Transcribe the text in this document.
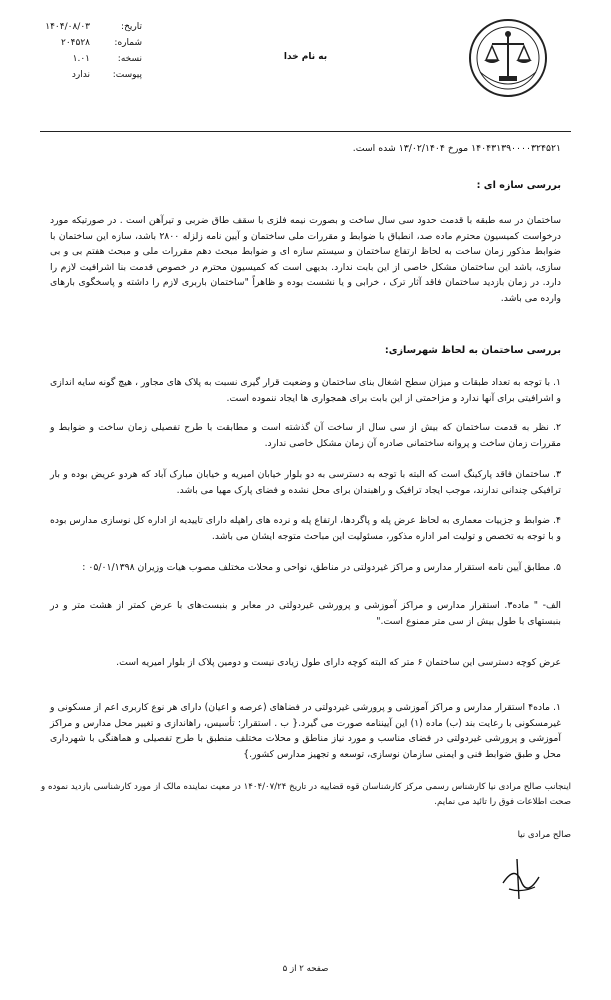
تاریخ:
۱۴۰۴/۰۸/۰۳
شماره:
۲۰۴۵۲۸
نسخه:
۱.۰۱
پیوست:
ندارد
به نام خدا
۱۴۰۴۳۱۳۹۰۰۰۰۳۲۴۵۲۱ مورخ ۱۳/۰۲/۱۴۰۴ شده است.
بررسی سازه ای :
ساختمان در سه طبقه با قدمت حدود سی سال ساخت و بصورت نیمه فلزی با سقف طاق ضربی و تیرآهن است . در صورتیکه مورد درخواست کمیسیون محترم ماده صد، انطباق با ضوابط و مقررات ملی ساختمان و آیین نامه زلزله ۲۸۰۰ باشد، سازه این ساختمان با ضوابط مذکور زمان ساخت به لحاظ ارتفاع ساختمان و سیستم سازه ای و ضوابط مبحث دهم مقررات ملی و مبحث هفتم بی و بی سازی، باشد این ساختمان مشکل خاصی از این بابت ندارد. بدیهی است که کمیسیون محترم در خصوص قدمت بنا اشرافیت لازم را دارد. در زمان بازدید ساختمان فاقد آثار ترک ، خرابی و یا نشست بوده و ظاهراً "ساختمان باربری لازم را داشته و پاسخگوی بارهای وارده می باشد.
بررسی ساختمان به لحاظ شهرسازی:
۱. با توجه به تعداد طبقات و میزان سطح اشغال بنای ساختمان و وضعیت قرار گیری نسبت به پلاک های مجاور ، هیچ گونه سایه اندازی و اشرافیتی برای آنها ندارد و مزاحمتی از این بابت برای همجواری ها ایجاد ننموده است.
۲. نظر به قدمت ساختمان که بیش از سی سال از ساخت آن گذشته است و مطابقت با طرح تفصیلی زمان ساخت و ضوابط و مقررات زمان ساخت و پروانه ساختمانی صادره آن زمان مشکل خاصی ندارد.
۳. ساختمان فاقد پارکینگ است که البته با توجه به دسترسی به دو بلوار خیابان امیریه و خیابان مبارک آباد که هردو عریض بوده و بار ترافیکی چندانی ندارند، موجب ایجاد ترافیک و راهبندان برای محل نشده و فضای پارک مهیا می باشد.
۴. ضوابط و جزییات معماری به لحاظ عرض پله و پاگردها، ارتفاع پله و نرده های راهپله دارای تاییدیه از اداره کل نوسازی مدارس بوده و با توجه به تخصص و تولیت امر اداره مذکور، مسئولیت این مباحث متوجه ایشان می باشد.
۵. مطابق آیین نامه استقرار مدارس و مراکز غیردولتی در مناطق، نواحی و محلات مختلف مصوب هیات وزیران ۰۵/۰۱/۱۳۹۸ :
الف- " ماده۳. استقرار مدارس و مراکز آموزشی و پرورشی غیردولتی در معابر و بنبست‌های با عرض کمتر از هشت متر و در بنبستهای با طول بیش از سی متر ممنوع است."
عرض کوچه دسترسی این ساختمان ۶ متر که البته کوچه دارای طول زیادی نیست و دومین پلاک از بلوار امیریه است.
۱. ماده۴ استقرار مدارس و مراکز آموزشی و پرورشی غیردولتی در فضاهای (عرصه و اعیان) دارای هر نوع کاربری اعم از مسکونی و غیرمسکونی با رعایت بند (ب) ماده (۱) این آییننامه صورت می گیرد.{ ب . استقرار: تأسیس، راهاندازی و تغییر محل مدارس و مراکز آموزشی و پرورشی غیردولتی در فضای مناسب و مورد نیاز مناطق و محلات مختلف منطبق با طرح تفصیلی و هماهنگی با شهرداری محل و طبق ضوابط فنی و ایمنی سازمان نوسازی، توسعه و تجهیز مدارس کشور.}
اینجانب صالح مرادی نیا کارشناس رسمی مرکز کارشناسان قوه قضاییه در تاریخ ۱۴۰۴/۰۷/۲۴ در معیت نماینده مالک از مورد کارشناسی بازدید نموده و صحت اطلاعات فوق را تائید می نمایم.
صالح مرادی نیا
صفحه ۲ از ۵
